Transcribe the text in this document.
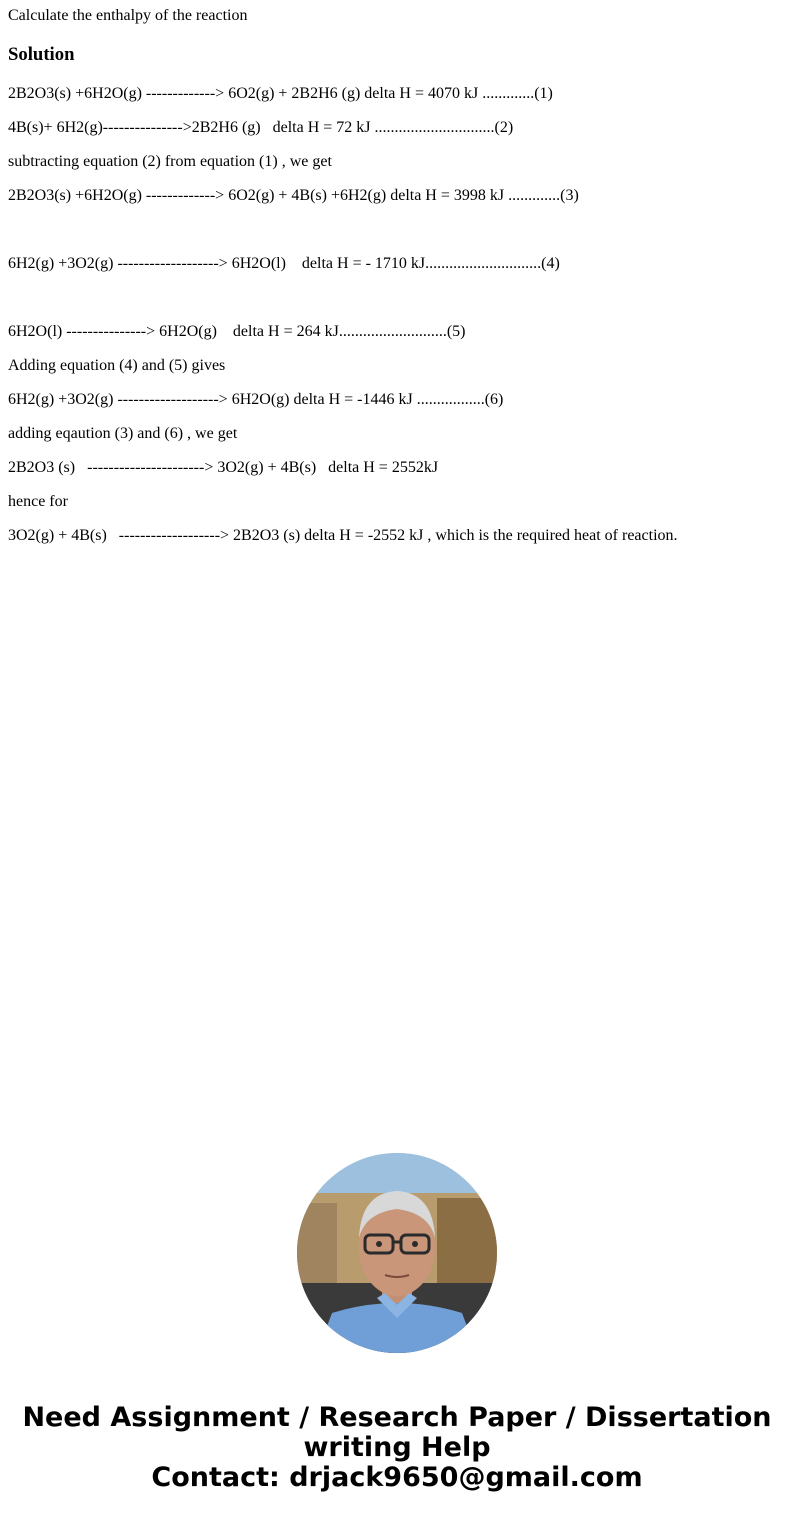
Calculate the enthalpy of the reaction

Solution

2B2O3(s) +6H2O(g) -------------> 6O2(g) + 2B2H6 (g) delta H = 4070 kJ .............(1)

4B(s)+ 6H2(g)--------------->2B2H6 (g)   delta H = 72 kJ ..............................(2)

subtracting equation (2) from equation (1) , we get

2B2O3(s) +6H2O(g) -------------> 6O2(g) + 4B(s) +6H2(g) delta H = 3998 kJ .............(3)

6H2(g) +3O2(g) -------------------> 6H2O(l)    delta H = - 1710 kJ.............................(4)

6H2O(l) ---------------> 6H2O(g)    delta H = 264 kJ...........................(5)

Adding equation (4) and (5) gives

6H2(g) +3O2(g) -------------------> 6H2O(g) delta H = -1446 kJ .................(6)

adding eqaution (3) and (6) , we get

2B2O3 (s)   ----------------------> 3O2(g) + 4B(s)   delta H = 2552kJ

hence for

3O2(g) + 4B(s)   -------------------> 2B2O3 (s) delta H = -2552 kJ , which is the required heat of reaction.

Need Assignment / Research Paper / Dissertation
writing Help
Contact: drjack9650@gmail.com
